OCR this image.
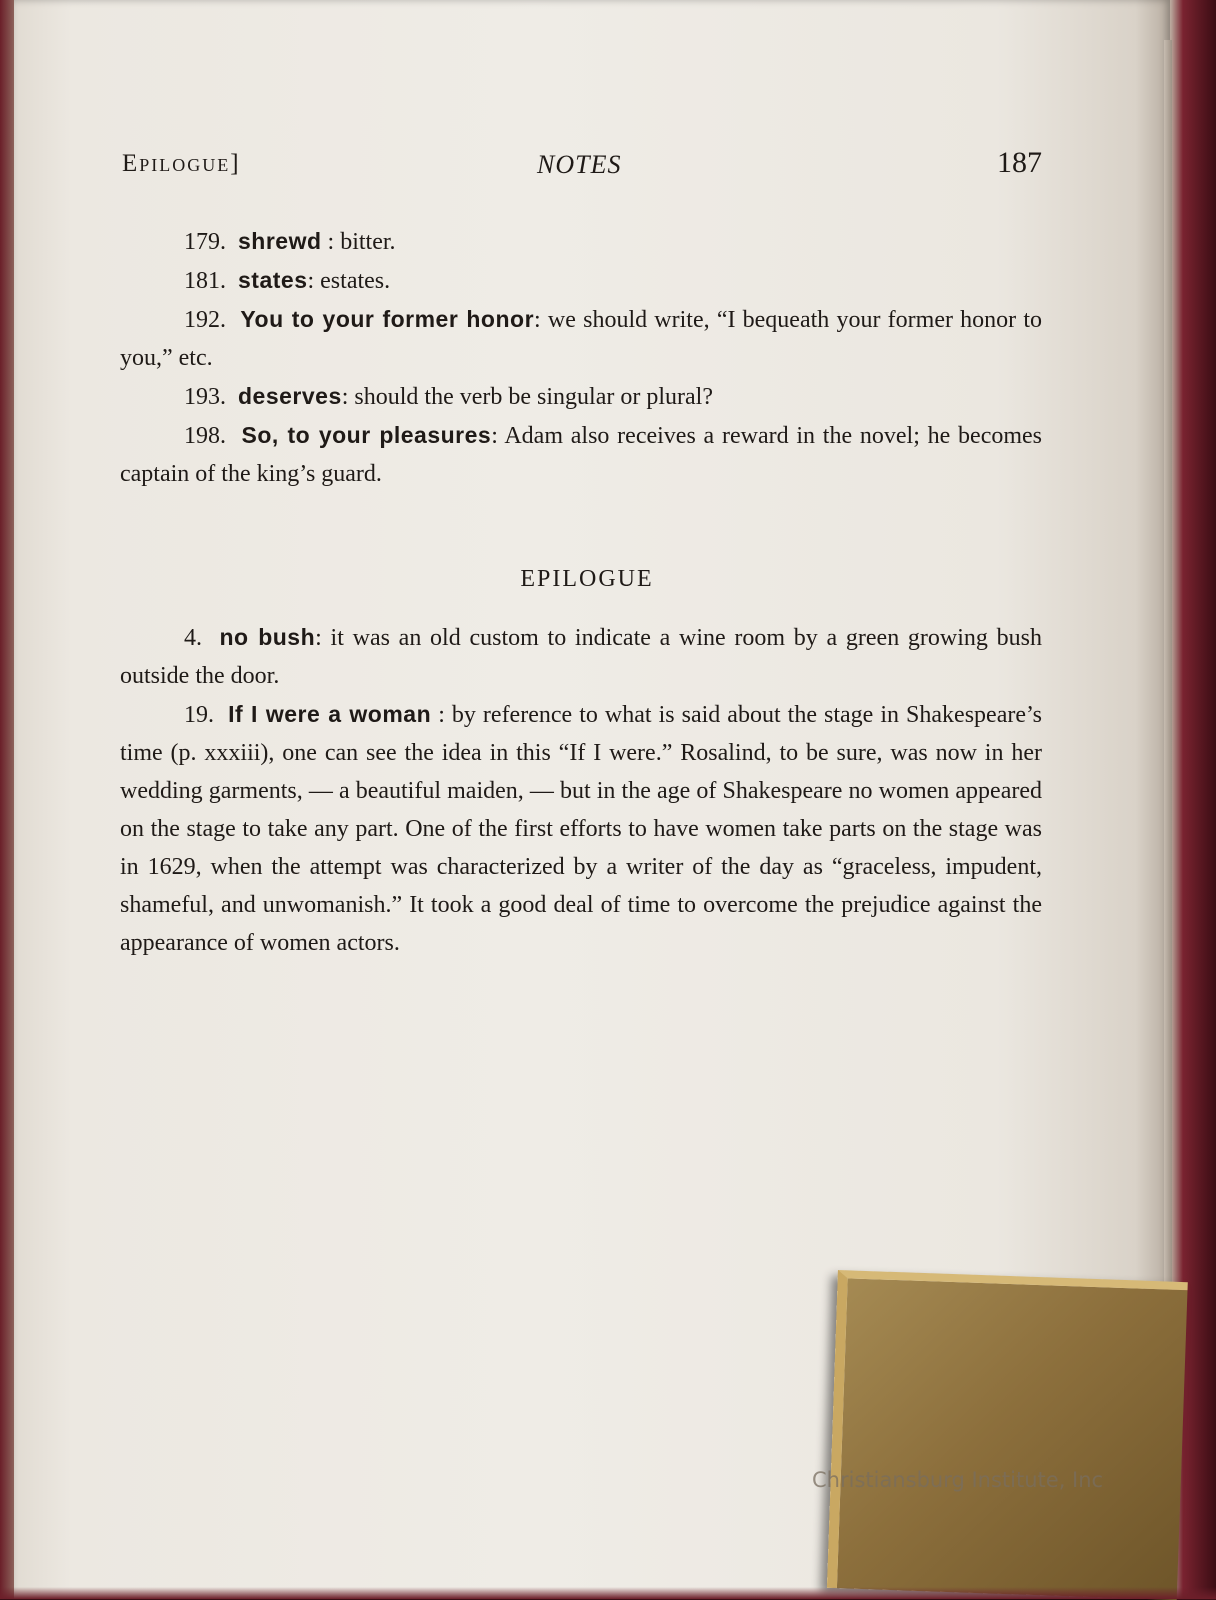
Epilogue]	NOTES	187

179. shrewd : bitter.

181. states: estates.

192. You to your former honor: we should write, “I bequeath your former honor to you,” etc.

193. deserves: should the verb be singular or plural?

198. So, to your pleasures: Adam also receives a reward in the novel; he becomes captain of the king’s guard.

EPILOGUE

4. no bush: it was an old custom to indicate a wine room by a green growing bush outside the door.

19. If I were a woman : by reference to what is said about the stage in Shakespeare’s time (p. xxxiii), one can see the idea in this “If I were.” Rosalind, to be sure, was now in her wedding garments, — a beautiful maiden, — but in the age of Shakespeare no women appeared on the stage to take any part. One of the first efforts to have women take parts on the stage was in 1629, when the attempt was characterized by a writer of the day as “graceless, impudent, shameful, and unwomanish.” It took a good deal of time to overcome the prejudice against the appearance of women actors.

Christiansburg Institute, Inc
